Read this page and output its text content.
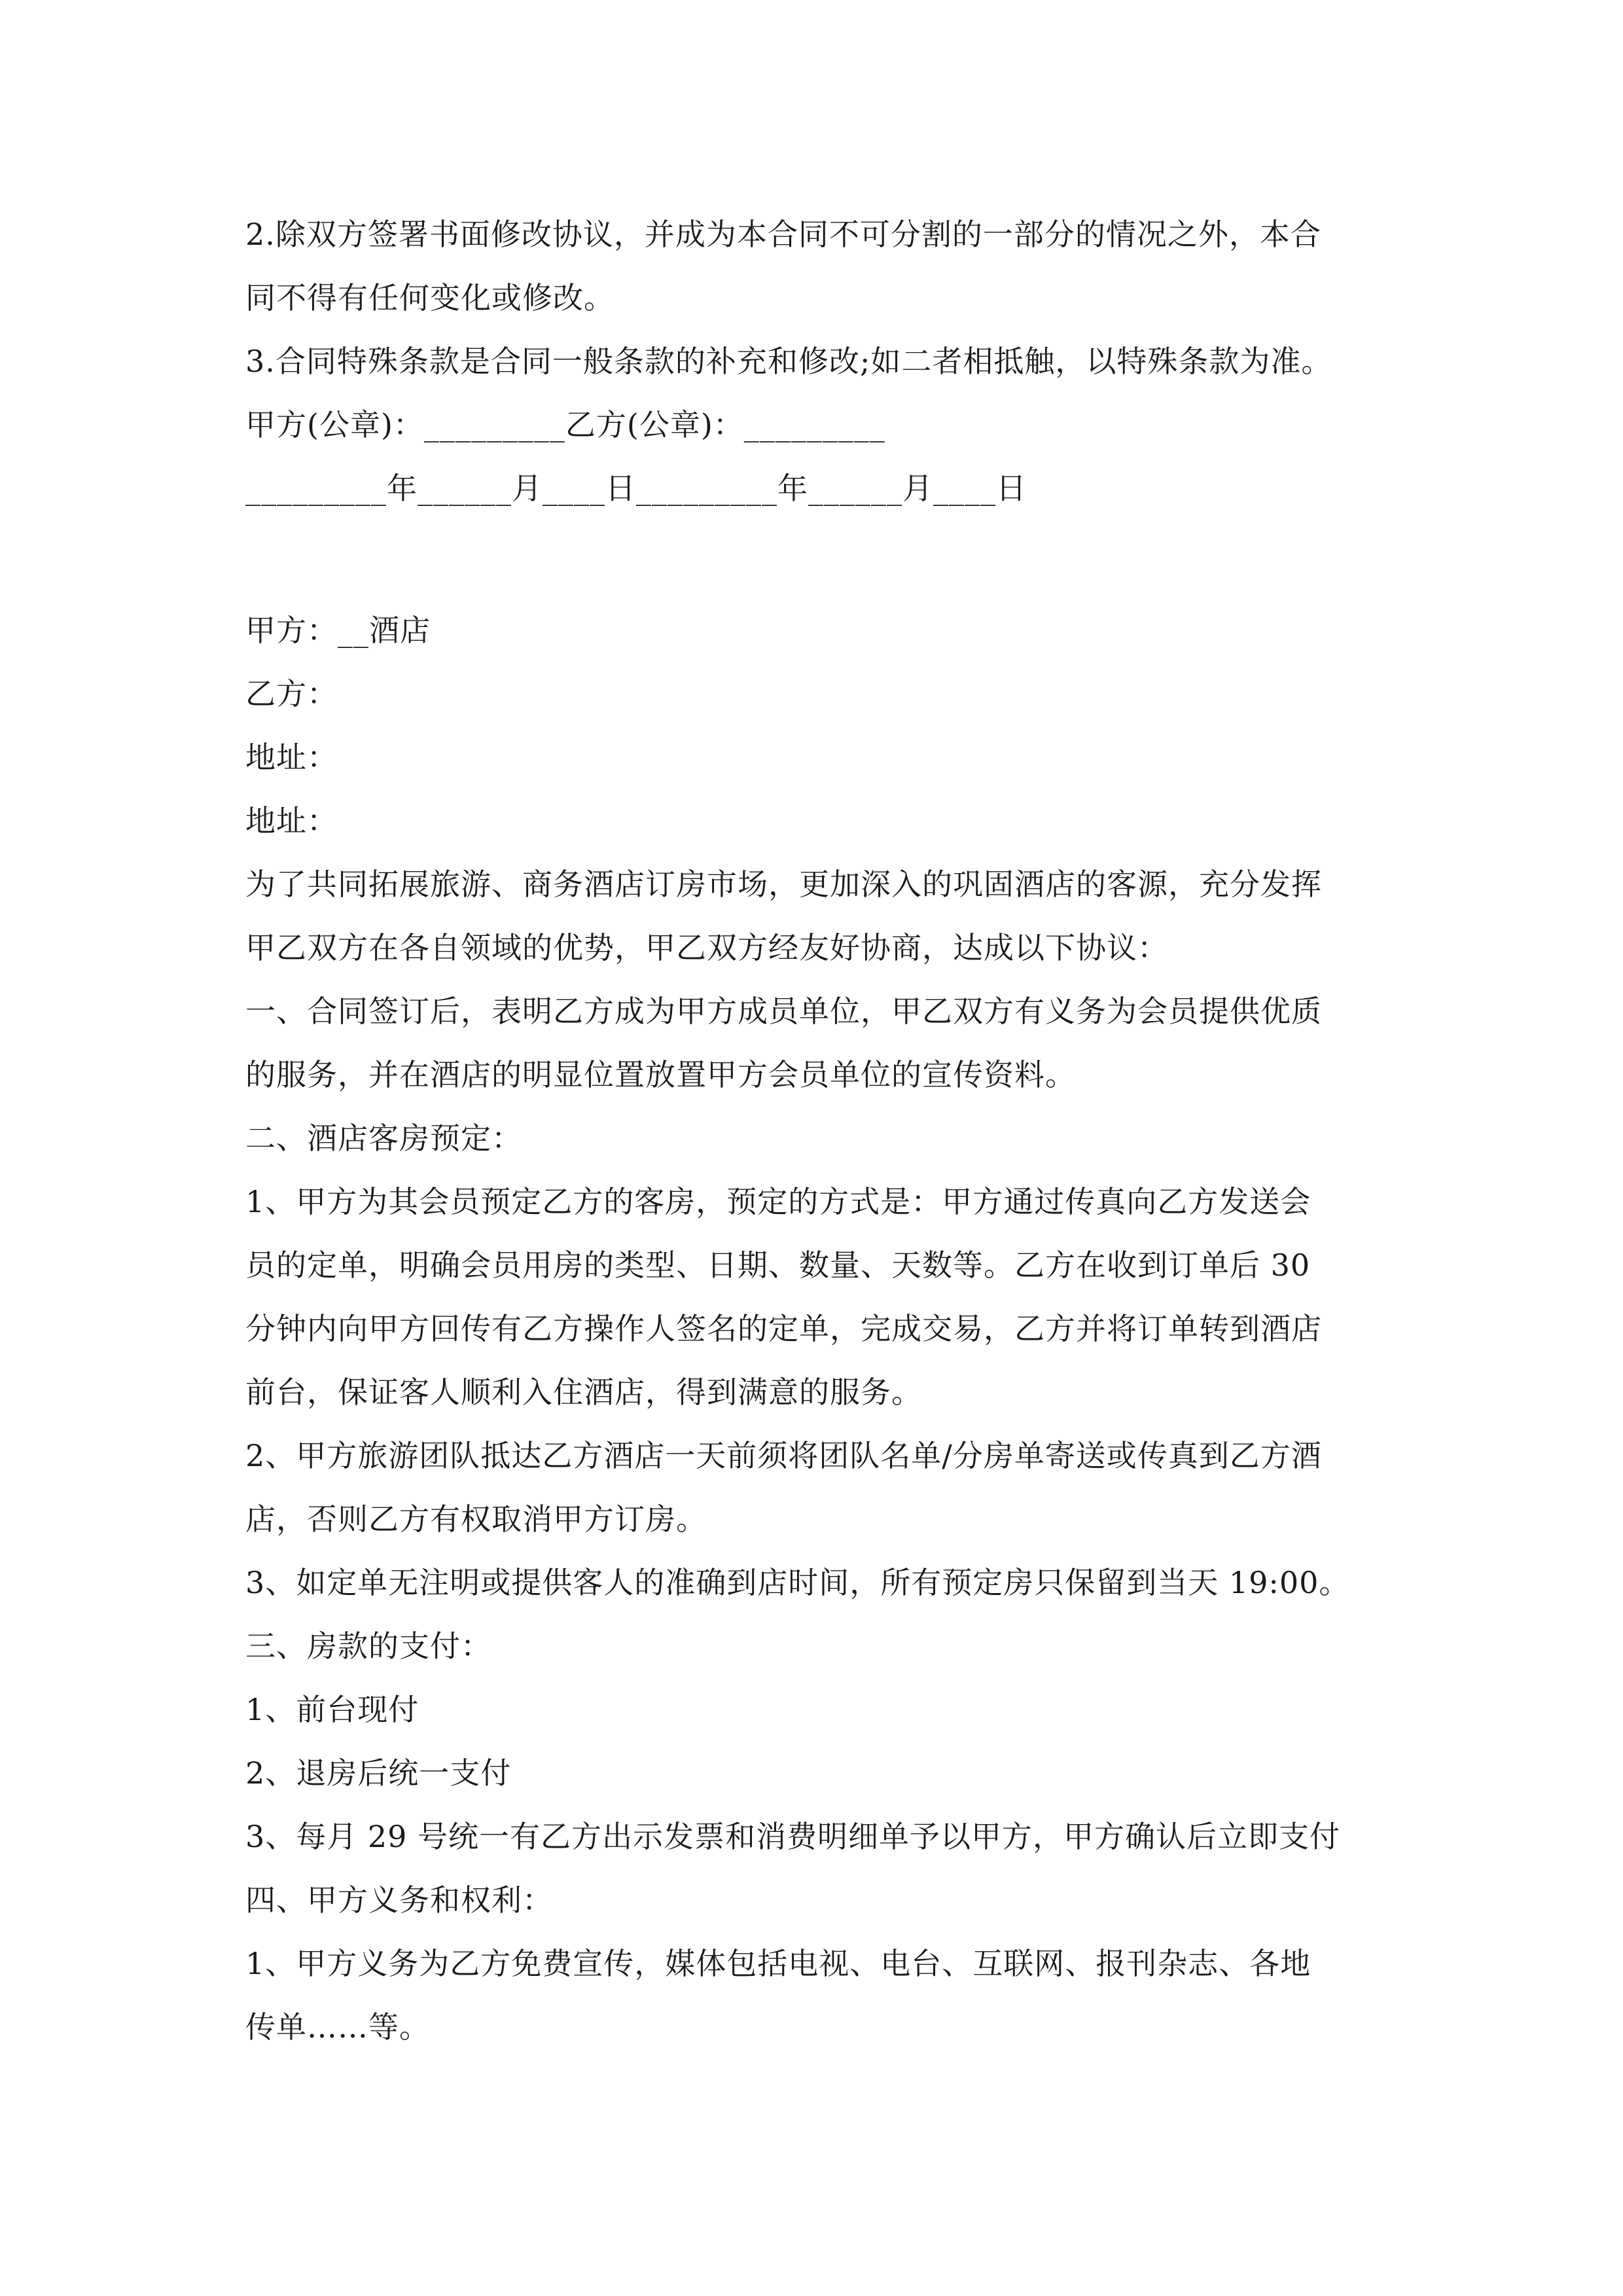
2.除双方签署书面修改协议，并成为本合同不可分割的一部分的情况之外，本合
同不得有任何变化或修改。
3.合同特殊条款是合同一般条款的补充和修改;如二者相抵触，以特殊条款为准。
甲方(公章)：_________乙方(公章)：_________
_________年______月____日_________年______月____日
甲方：__酒店
乙方：
地址：
地址：
为了共同拓展旅游、商务酒店订房市场，更加深入的巩固酒店的客源，充分发挥
甲乙双方在各自领域的优势，甲乙双方经友好协商，达成以下协议：
一、合同签订后，表明乙方成为甲方成员单位，甲乙双方有义务为会员提供优质
的服务，并在酒店的明显位置放置甲方会员单位的宣传资料。
二、酒店客房预定：
1、甲方为其会员预定乙方的客房，预定的方式是：甲方通过传真向乙方发送会
员的定单，明确会员用房的类型、日期、数量、天数等。乙方在收到订单后 30
分钟内向甲方回传有乙方操作人签名的定单，完成交易，乙方并将订单转到酒店
前台，保证客人顺利入住酒店，得到满意的服务。
2、甲方旅游团队抵达乙方酒店一天前须将团队名单/分房单寄送或传真到乙方酒
店，否则乙方有权取消甲方订房。
3、如定单无注明或提供客人的准确到店时间，所有预定房只保留到当天 19:00。
三、房款的支付：
1、前台现付
2、退房后统一支付
3、每月 29 号统一有乙方出示发票和消费明细单予以甲方，甲方确认后立即支付
四、甲方义务和权利：
1、甲方义务为乙方免费宣传，媒体包括电视、电台、互联网、报刊杂志、各地
传单……等。
